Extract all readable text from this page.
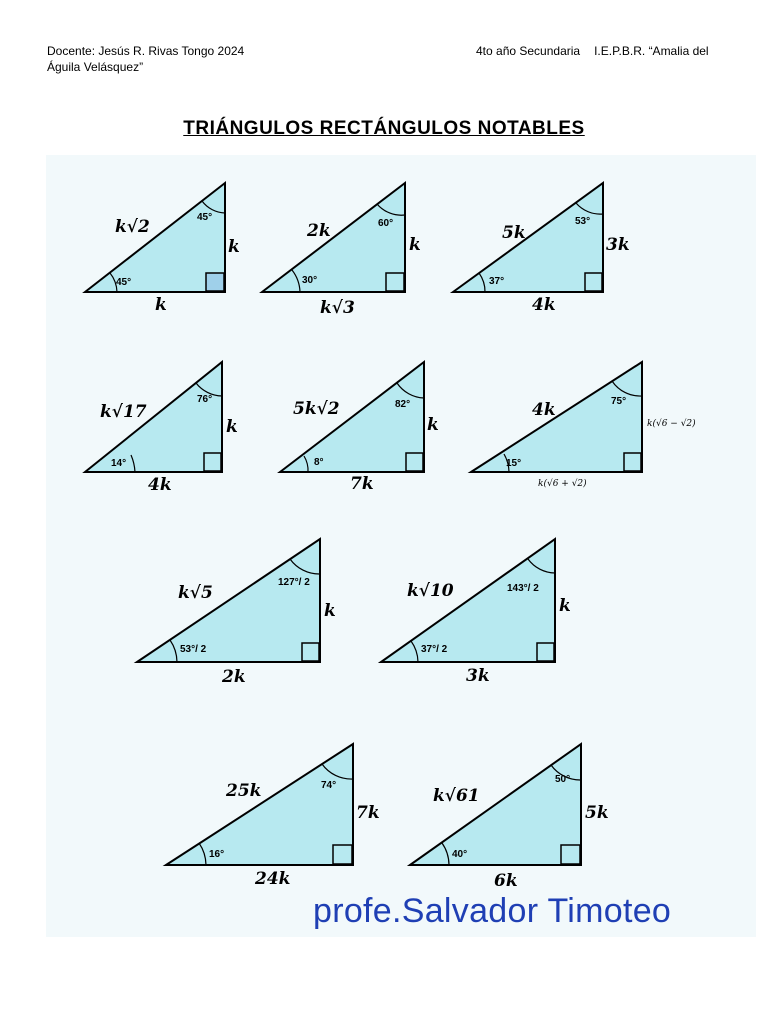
Docente: Jesús R. Rivas Tongo 2024
Águila Velásquez”
4to año Secundaria I.E.P.B.R. “Amalia del
TRIÁNGULOS RECTÁNGULOS NOTABLES
k√2	45°
k
45°
k
2k	60°
k
30°
k√3
5k
53°
3k
37°
4k
k√17
76°
k
14°
4k
5k√2	82°
k
8°
7k
4k	75°
k(√6 − √2)
15°
k(√6 + √2)
k√5
127°/ 2
k
53°/ 2
2k
k√10	143°/ 2
k
37°/ 2
3k
25k	74°
7k
16°
24k
k√61
50°
5k
40°
6k
profe.Salvador Timoteo
